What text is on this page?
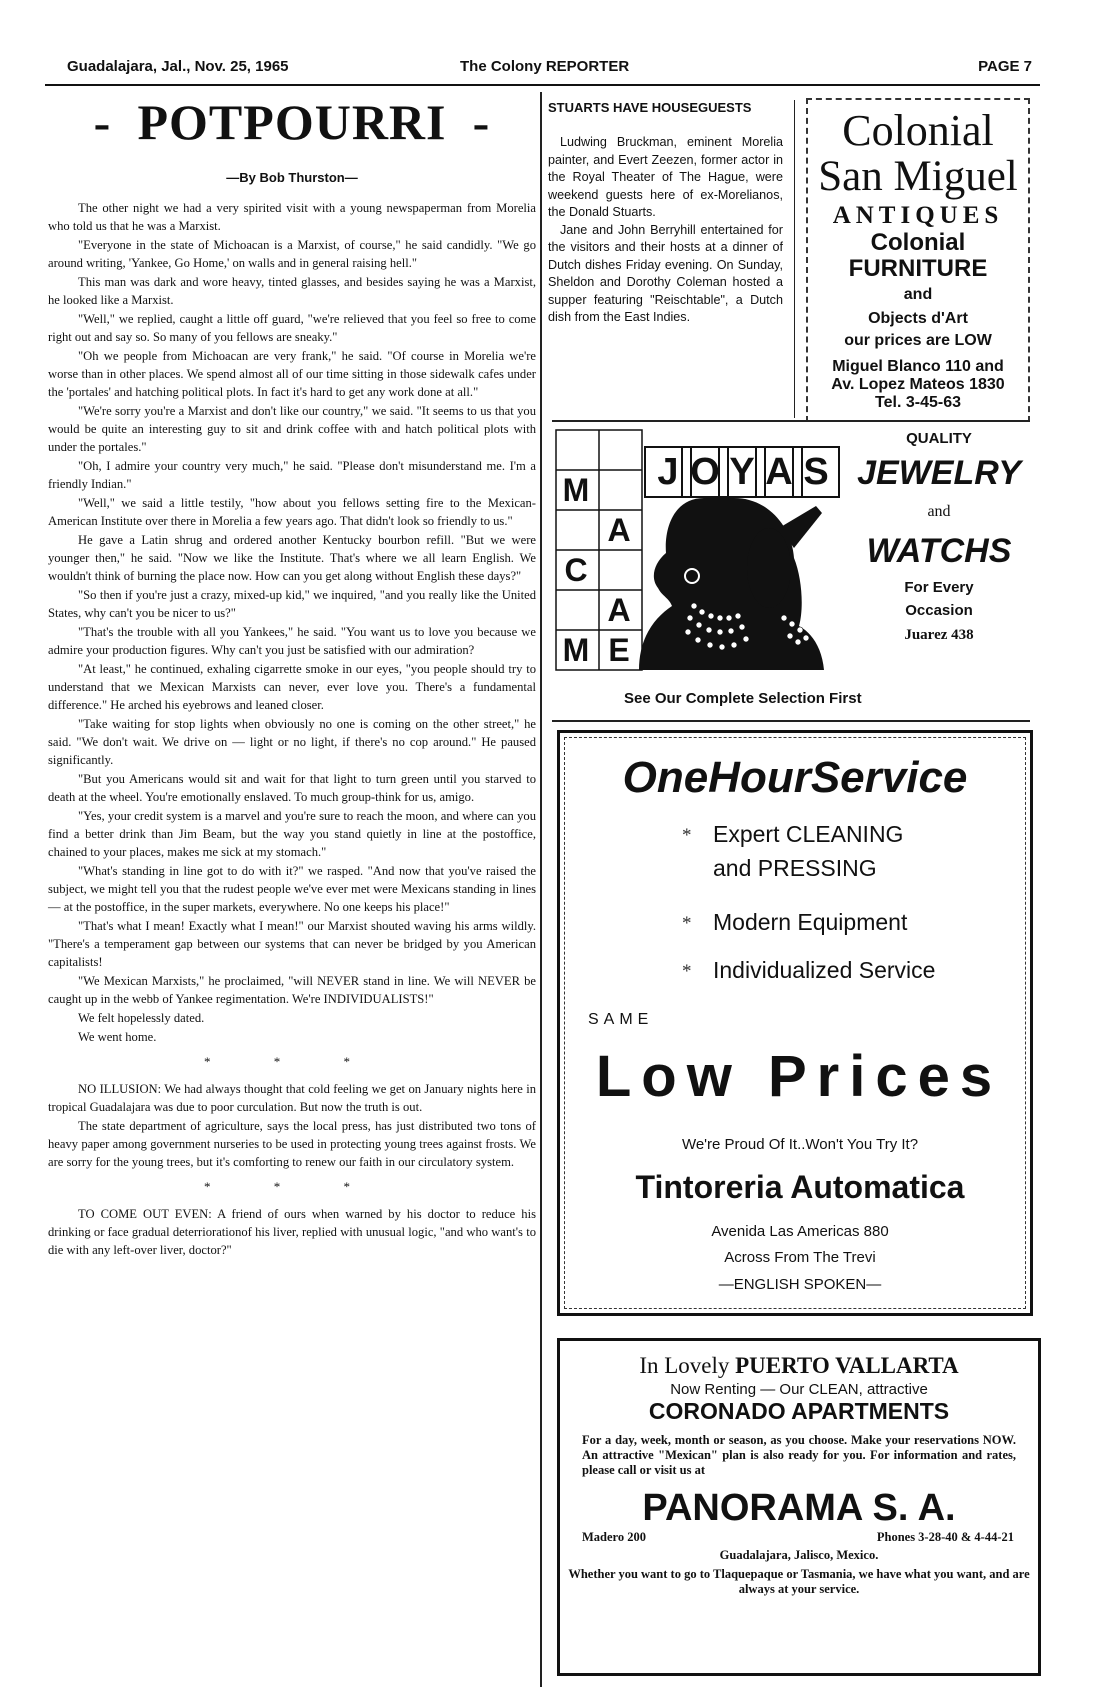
Guadalajara, Jal., Nov. 25, 1965	The Colony REPORTER	PAGE 7
- POTPOURRI -
—By Bob Thurston—

The other night we had a very spirited visit with a young newspaperman from Morelia who told us that he was a Marxist.

"Everyone in the state of Michoacan is a Marxist, of course," he said candidly. "We go around writing, 'Yankee, Go Home,' on walls and in general raising hell."

This man was dark and wore heavy, tinted glasses, and besides saying he was a Marxist, he looked like a Marxist.

"Well," we replied, caught a little off guard, "we're relieved that you feel so free to come right out and say so. So many of you fellows are sneaky."

"Oh we people from Michoacan are very frank," he said. "Of course in Morelia we're worse than in other places. We spend almost all of our time sitting in those sidewalk cafes under the 'portales' and hatching political plots. In fact it's hard to get any work done at all."

"We're sorry you're a Marxist and don't like our country," we said. "It seems to us that you would be quite an interesting guy to sit and drink coffee with and hatch political plots with under the portales."

"Oh, I admire your country very much," he said. "Please don't misunderstand me. I'm a friendly Indian."

"Well," we said a little testily, "how about you fellows setting fire to the Mexican-American Institute over there in Morelia a few years ago. That didn't look so friendly to us."

He gave a Latin shrug and ordered another Kentucky bourbon refill. "But we were younger then," he said. "Now we like the Institute. That's where we all learn English. We wouldn't think of burning the place now. How can you get along without English these days?"

"So then if you're just a crazy, mixed-up kid," we inquired, "and you really like the United States, why can't you be nicer to us?"

"That's the trouble with all you Yankees," he said. "You want us to love you because we admire your production figures. Why can't you just be satisfied with our admiration?

"At least," he continued, exhaling cigarrette smoke in our eyes, "you people should try to understand that we Mexican Marxists can never, ever love you. There's a fundamental difference." He arched his eyebrows and leaned closer.

"Take waiting for stop lights when obviously no one is coming on the other street," he said. "We don't wait. We drive on — light or no light, if there's no cop around." He paused significantly.

"But you Americans would sit and wait for that light to turn green until you starved to death at the wheel. You're emotionally enslaved. To much group-think for us, amigo.

"Yes, your credit system is a marvel and you're sure to reach the moon, and where can you find a better drink than Jim Beam, but the way you stand quietly in line at the postoffice, chained to your places, makes me sick at my stomach."

"What's standing in line got to do with it?" we rasped. "And now that you've raised the subject, we might tell you that the rudest people we've ever met were Mexicans standing in lines — at the postoffice, in the super markets, everywhere. No one keeps his place!"

"That's what I mean! Exactly what I mean!" our Marxist shouted waving his arms wildly. "There's a temperament gap between our systems that can never be bridged by you American capitalists!

"We Mexican Marxists," he proclaimed, "will NEVER stand in line. We will NEVER be caught up in the webb of Yankee regimentation. We're INDIVIDUALISTS!"

We felt hopelessly dated.

We went home.

* * *

NO ILLUSION: We had always thought that cold feeling we get on January nights here in tropical Guadalajara was due to poor curculation. But now the truth is out.

The state department of agriculture, says the local press, has just distributed two tons of heavy paper among government nurseries to be used in protecting young trees against frosts. We are sorry for the young trees, but it's comforting to renew our faith in our circulatory system.

* * *

TO COME OUT EVEN: A friend of ours when warned by his doctor to reduce his drinking or face gradual deterriorationof his liver, replied with unusual logic, "and who want's to die with any left-over liver, doctor?"

STUARTS HAVE HOUSEGUESTS

Ludwing Bruckman, eminent Morelia painter, and Evert Zeezen, former actor in the Royal Theater of The Hague, were weekend guests here of ex-Morelianos, the Donald Stuarts.

Jane and John Berryhill entertained for the visitors and their hosts at a dinner of Dutch dishes Friday evening. On Sunday, Sheldon and Dorothy Coleman hosted a supper featuring "Reischtable", a Dutch dish from the East Indies.

Colonial
San Miguel
ANTIQUES
Colonial
FURNITURE
and
Objects d'Art
our prices are LOW
Miguel Blanco 110 and
Av. Lopez Mateos 1830
Tel. 3-45-63
J O Y A S
M
A
C
A
M E
QUALITY
JEWELRY
and
WATCHS
For Every
Occasion
Juarez 438
See Our Complete Selection First
OneHourService
* Expert CLEANING
and PRESSING
* Modern Equipment
* Individualized Service
SAME
Low Prices
We're Proud Of It..Won't You Try It?
Tintoreria Automatica
Avenida Las Americas 880
Across From The Trevi
—ENGLISH SPOKEN—
In Lovely PUERTO VALLARTA
Now Renting — Our CLEAN, attractive
CORONADO APARTMENTS
For a day, week, month or season, as you choose. Make your reservations NOW. An attractive "Mexican" plan is also ready for you. For information and rates, please call or visit us at
PANORAMA S. A.
Madero 200	Phones 3-28-40 & 4-44-21
Guadalajara, Jalisco, Mexico.
Whether you want to go to Tlaquepaque or Tasmania, we have what you want, and are always at your service.
